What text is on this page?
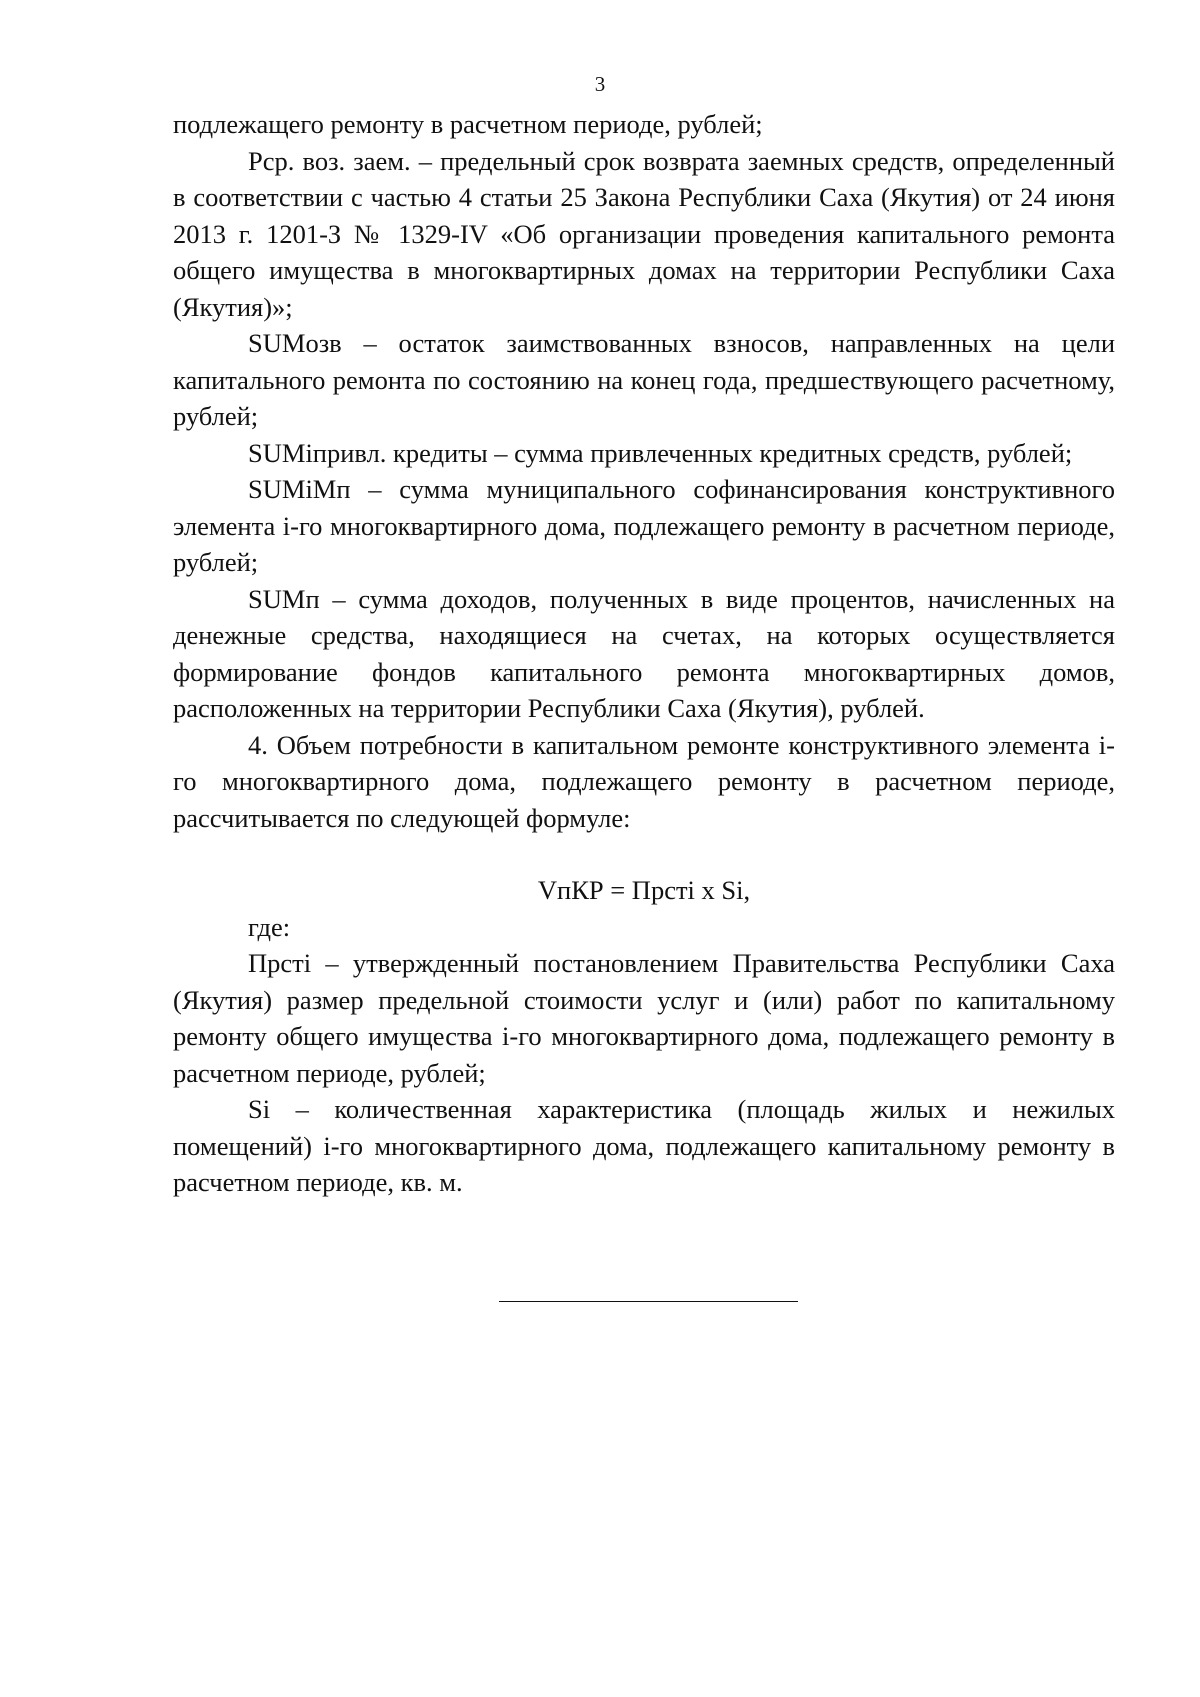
3

подлежащего ремонту в расчетном периоде, рублей;

Рср. воз. заем. – предельный срок возврата заемных средств, определенный в соответствии с частью 4 статьи 25 Закона Республики Саха (Якутия) от 24 июня 2013 г. 1201-З № 1329-IV «Об организации проведения капитального ремонта общего имущества в многоквартирных домах на территории Республики Саха (Якутия)»;

SUMозв – остаток заимствованных взносов, направленных на цели капитального ремонта по состоянию на конец года, предшествующего расчетному, рублей;

SUMiпривл. кредиты – сумма привлеченных кредитных средств, рублей;

SUMiMп – сумма муниципального софинансирования конструктивного элемента i-го многоквартирного дома, подлежащего ремонту в расчетном периоде, рублей;

SUMп – сумма доходов, полученных в виде процентов, начисленных на денежные средства, находящиеся на счетах, на которых осуществляется формирование фондов капитального ремонта многоквартирных домов, расположенных на территории Республики Саха (Якутия), рублей.

4. Объем потребности в капитальном ремонте конструктивного элемента i-го многоквартирного дома, подлежащего ремонту в расчетном периоде, рассчитывается по следующей формуле:

VпКР = Прстi x Si,

где:

Прстi – утвержденный постановлением Правительства Республики Саха (Якутия) размер предельной стоимости услуг и (или) работ по капитальному ремонту общего имущества i-го многоквартирного дома, подлежащего ремонту в расчетном периоде, рублей;

Si – количественная характеристика (площадь жилых и нежилых помещений) i-го многоквартирного дома, подлежащего капитальному ремонту в расчетном периоде, кв. м.
